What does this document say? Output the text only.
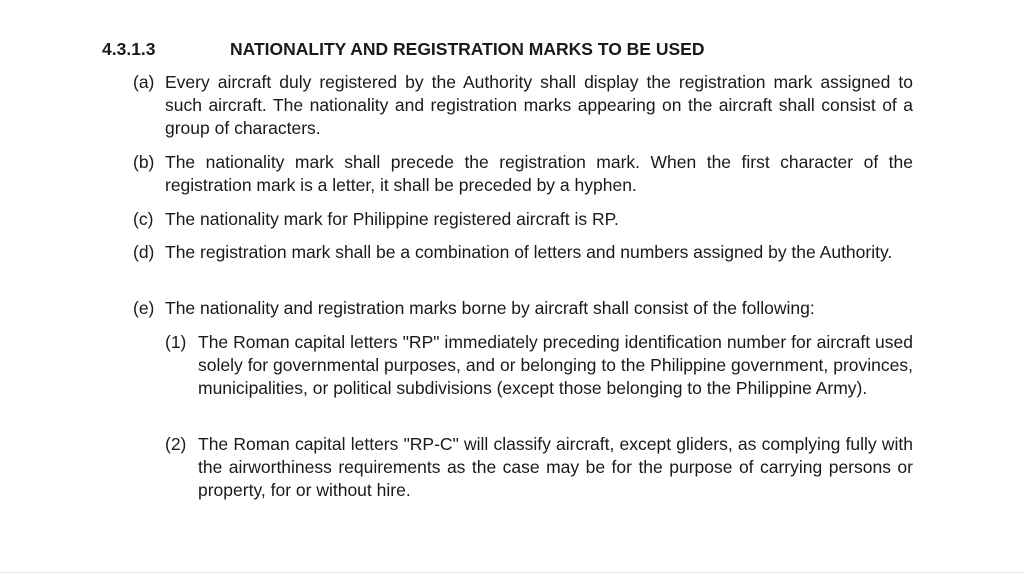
4.3.1.3	NATIONALITY AND REGISTRATION MARKS TO BE USED
(a) Every aircraft duly registered by the Authority shall display the registration mark assigned to such aircraft. The nationality and registration marks appearing on the aircraft shall consist of a group of characters.
(b) The nationality mark shall precede the registration mark. When the first character of the registration mark is a letter, it shall be preceded by a hyphen.
(c) The nationality mark for Philippine registered aircraft is RP.
(d) The registration mark shall be a combination of letters and numbers assigned by the Authority.
(e) The nationality and registration marks borne by aircraft shall consist of the following:
(1) The Roman capital letters "RP" immediately preceding identification number for aircraft used solely for governmental purposes, and or belonging to the Philippine government, provinces, municipalities, or political subdivisions (except those belonging to the Philippine Army).
(2) The Roman capital letters "RP-C" will classify aircraft, except gliders, as complying fully with the airworthiness requirements as the case may be for the purpose of carrying persons or property, for or without hire.
